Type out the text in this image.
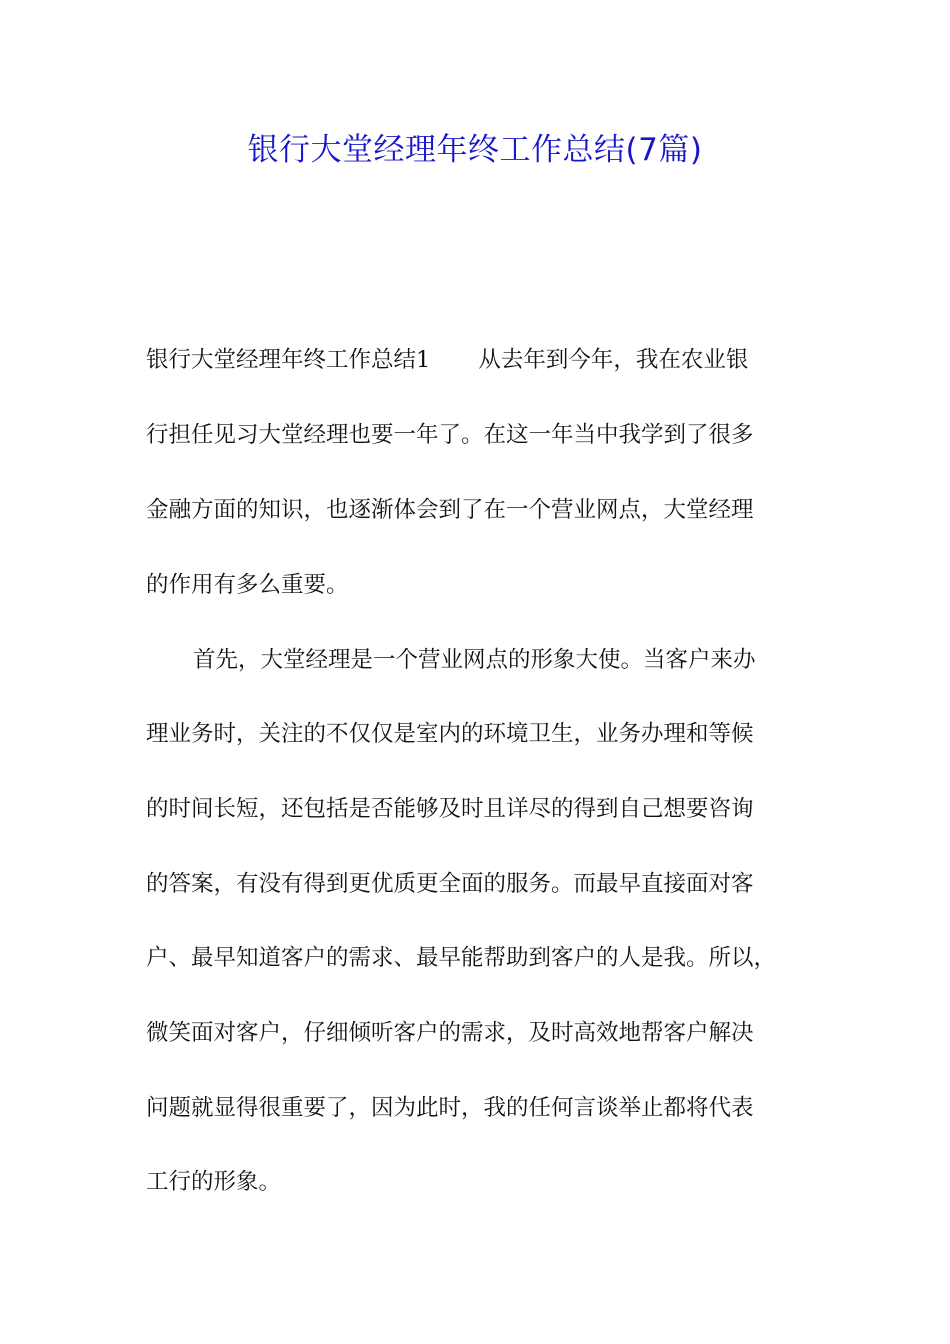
银行大堂经理年终工作总结(7篇)
银行大堂经理年终工作总结1 从去年到今年，我在农业银
行担任见习大堂经理也要一年了。在这一年当中我学到了很多
金融方面的知识，也逐渐体会到了在一个营业网点，大堂经理
的作用有多么重要。
首先，大堂经理是一个营业网点的形象大使。当客户来办
理业务时，关注的不仅仅是室内的环境卫生，业务办理和等候
的时间长短，还包括是否能够及时且详尽的得到自己想要咨询
的答案，有没有得到更优质更全面的服务。而最早直接面对客
户、最早知道客户的需求、最早能帮助到客户的人是我。所以，
微笑面对客户，仔细倾听客户的需求，及时高效地帮客户解决
问题就显得很重要了，因为此时，我的任何言谈举止都将代表
工行的形象。
